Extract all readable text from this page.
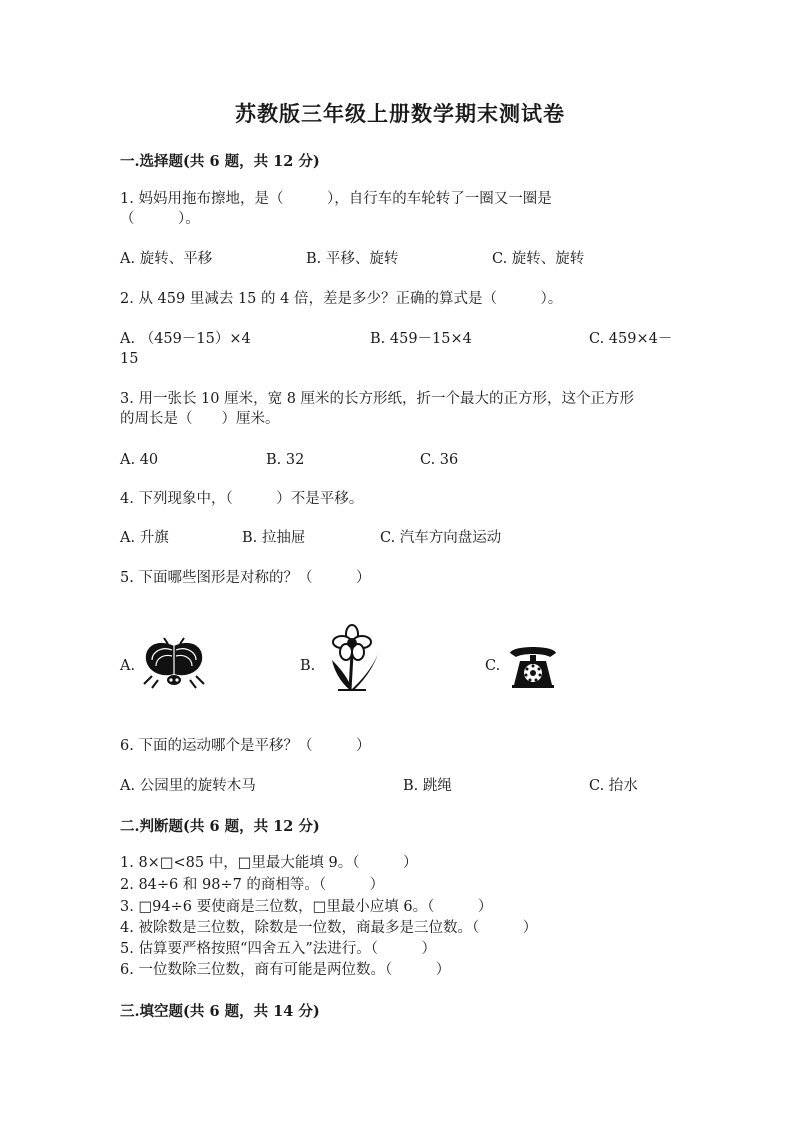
苏教版三年级上册数学期末测试卷
一.选择题(共 6 题，共 12 分)
1. 妈妈用拖布擦地，是（　　　），自行车的车轮转了一圈又一圈是
（　　　）。
A. 旋转、平移	B. 平移、旋转	C. 旋转、旋转
2. 从 459 里减去 15 的 4 倍，差是多少？正确的算式是（　　　）。
A. （459－15）×4	B. 459－15×4	C. 459×4－
15
3. 用一张长 10 厘米，宽 8 厘米的长方形纸，折一个最大的正方形，这个正方形
的周长是（　　）厘米。
A. 40	B. 32	C. 36
4. 下列现象中，（　　　）不是平移。
A. 升旗	B. 拉抽屉	C. 汽车方向盘运动
5. 下面哪些图形是对称的？（　　　）
A.	B.	C.
6. 下面的运动哪个是平移？（　　　）
A. 公园里的旋转木马	B. 跳绳	C. 抬水
二.判断题(共 6 题，共 12 分)
1. 8×□<85 中，□里最大能填 9。（　　　）
2. 84÷6 和 98÷7 的商相等。（　　　）
3. □94÷6 要使商是三位数，□里最小应填 6。（　　　）
4. 被除数是三位数，除数是一位数，商最多是三位数。（　　　）
5. 估算要严格按照“四舍五入”法进行。（　　　）
6. 一位数除三位数，商有可能是两位数。（　　　）
三.填空题(共 6 题，共 14 分)
